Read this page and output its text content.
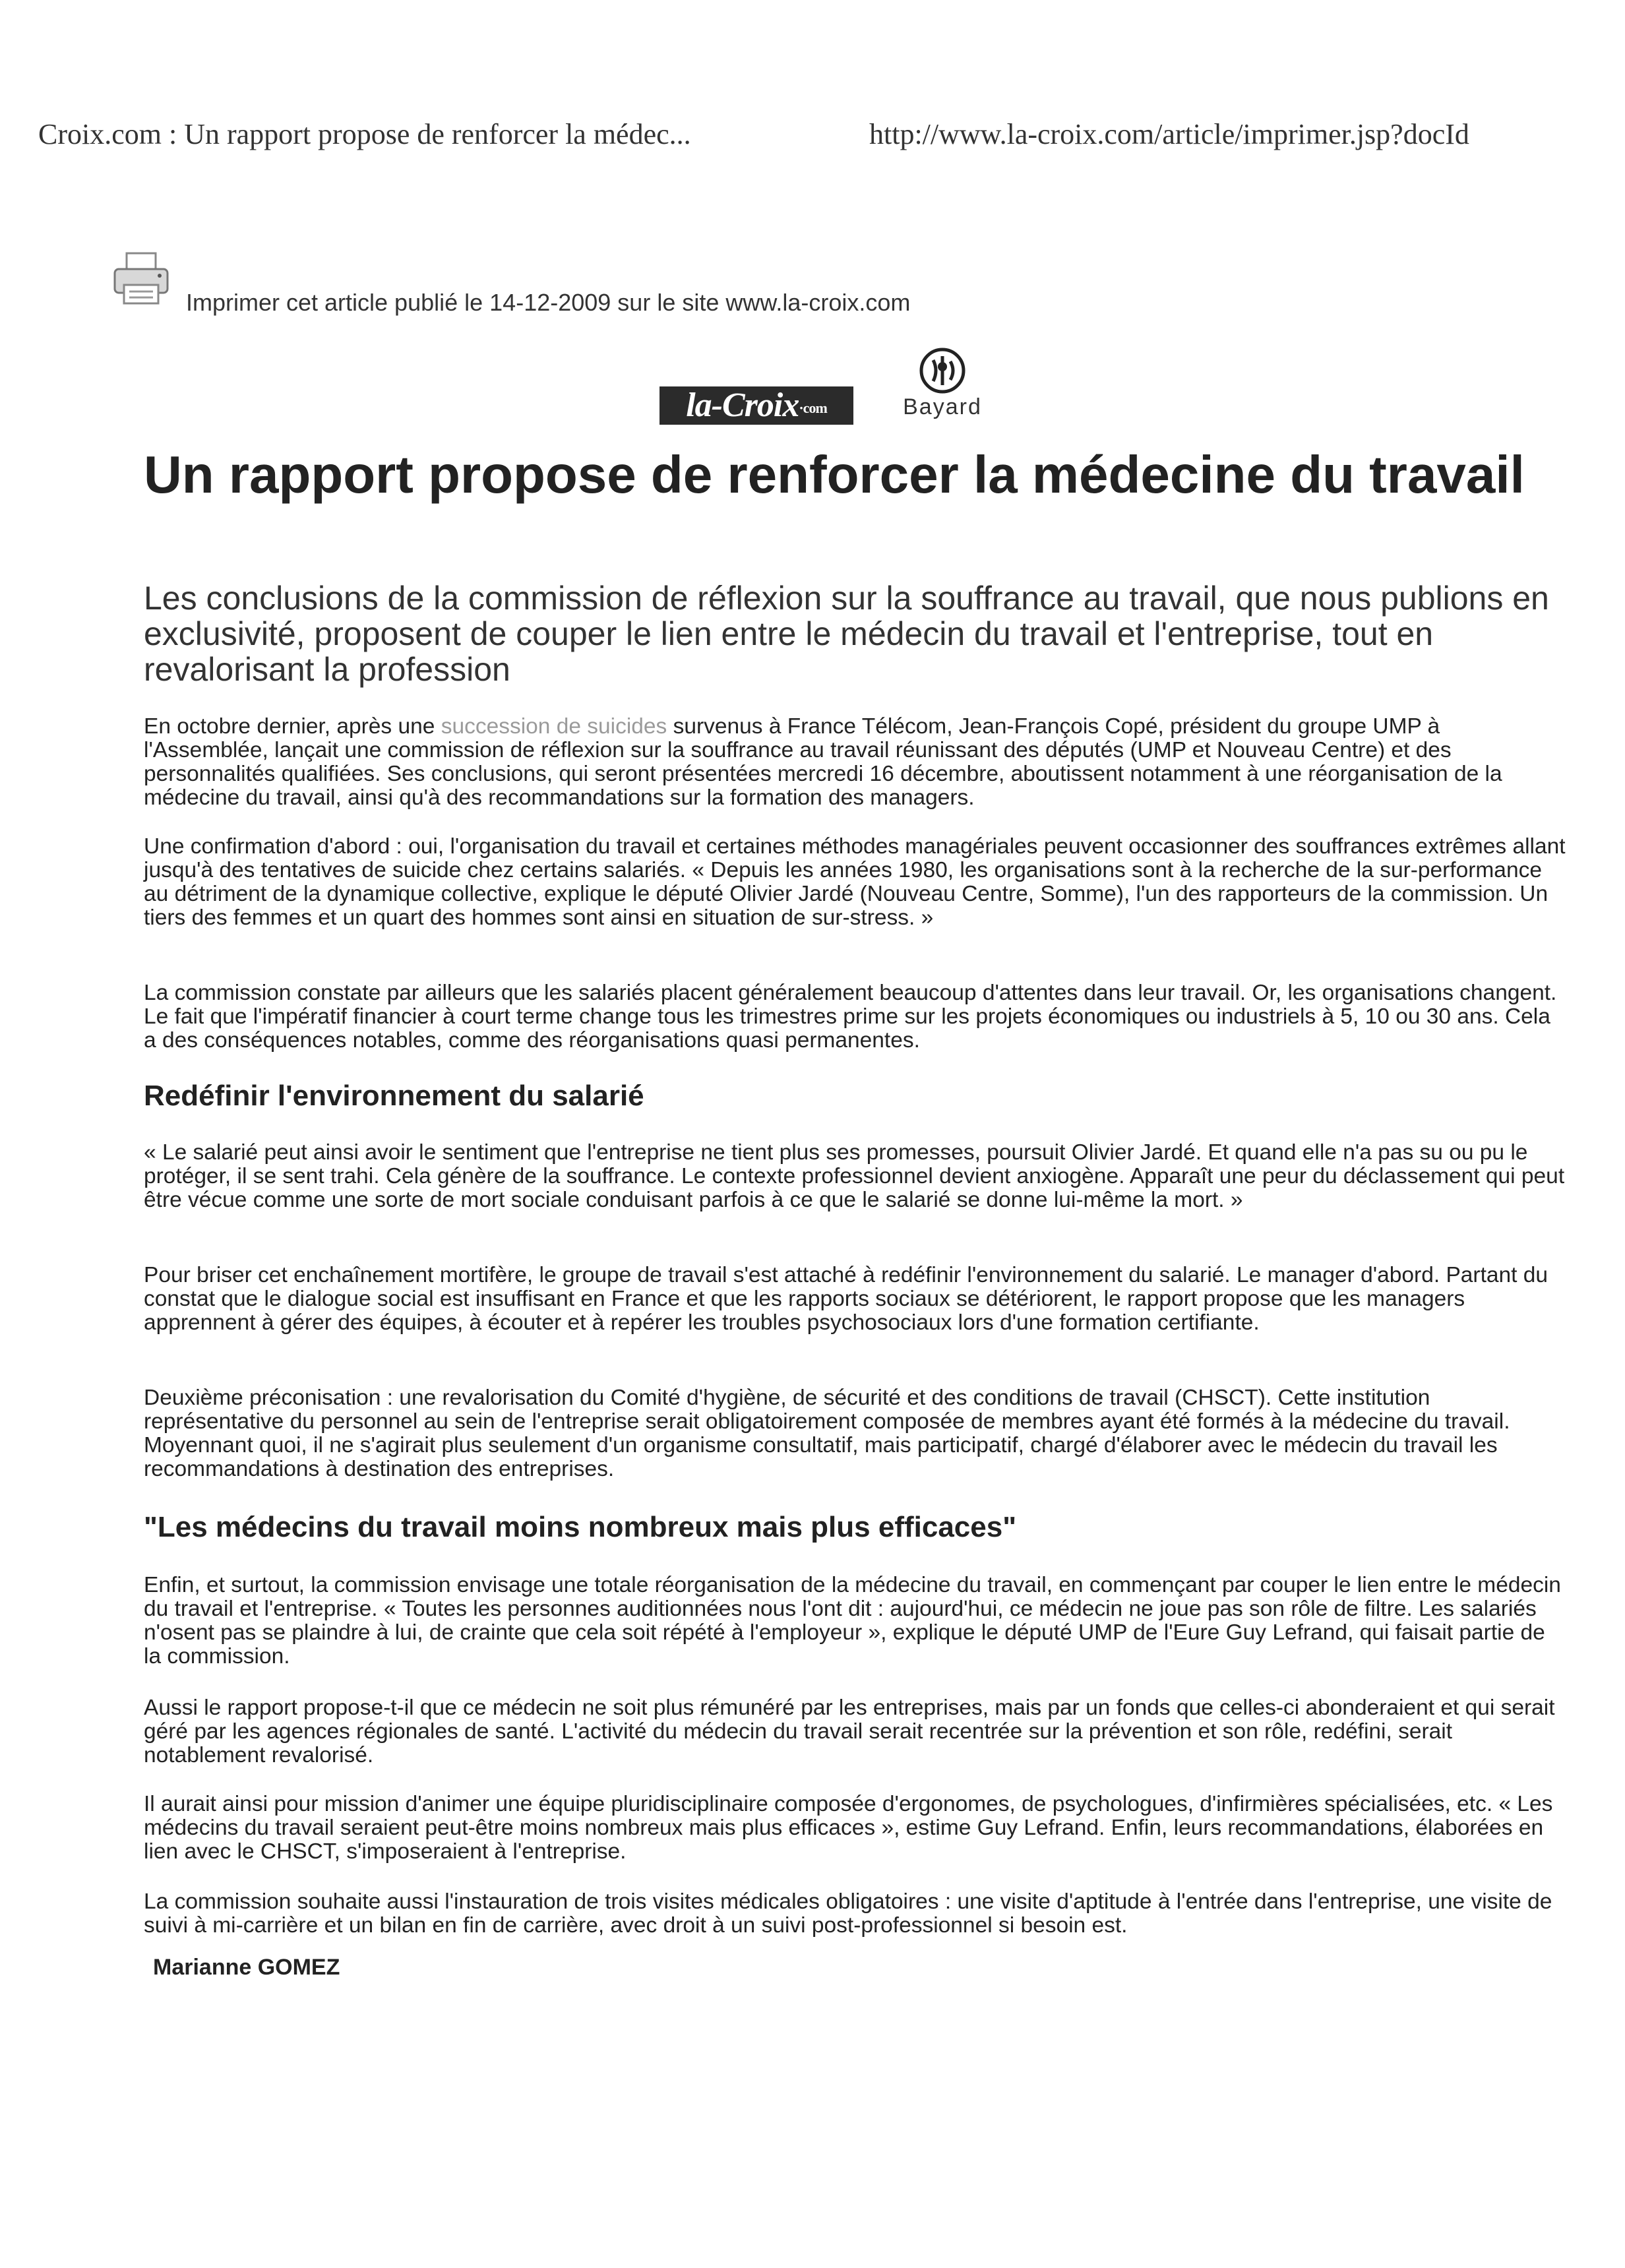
Croix.com : Un rapport propose de renforcer la médec...	http://www.la-croix.com/article/imprimer.jsp?docId
Imprimer cet article publié le 14-12-2009 sur le site www.la-croix.com
la-Croix·com	Bayard
Un rapport propose de renforcer la médecine du travail

Les conclusions de la commission de réflexion sur la souffrance au travail, que nous publions en exclusivité, proposent de couper le lien entre le médecin du travail et l'entreprise, tout en revalorisant la profession

En octobre dernier, après une succession de suicides survenus à France Télécom, Jean-François Copé, président du groupe UMP à l'Assemblée, lançait une commission de réflexion sur la souffrance au travail réunissant des députés (UMP et Nouveau Centre) et des personnalités qualifiées. Ses conclusions, qui seront présentées mercredi 16 décembre, aboutissent notamment à une réorganisation de la médecine du travail, ainsi qu'à des recommandations sur la formation des managers.

Une confirmation d'abord : oui, l'organisation du travail et certaines méthodes managériales peuvent occasionner des souffrances extrêmes allant jusqu'à des tentatives de suicide chez certains salariés. « Depuis les années 1980, les organisations sont à la recherche de la sur-performance au détriment de la dynamique collective, explique le député Olivier Jardé (Nouveau Centre, Somme), l'un des rapporteurs de la commission. Un tiers des femmes et un quart des hommes sont ainsi en situation de sur-stress. »

La commission constate par ailleurs que les salariés placent généralement beaucoup d'attentes dans leur travail. Or, les organisations changent. Le fait que l'impératif financier à court terme change tous les trimestres prime sur les projets économiques ou industriels à 5, 10 ou 30 ans. Cela a des conséquences notables, comme des réorganisations quasi permanentes.

Redéfinir l'environnement du salarié

« Le salarié peut ainsi avoir le sentiment que l'entreprise ne tient plus ses promesses, poursuit Olivier Jardé. Et quand elle n'a pas su ou pu le protéger, il se sent trahi. Cela génère de la souffrance. Le contexte professionnel devient anxiogène. Apparaît une peur du déclassement qui peut être vécue comme une sorte de mort sociale conduisant parfois à ce que le salarié se donne lui-même la mort. »

Pour briser cet enchaînement mortifère, le groupe de travail s'est attaché à redéfinir l'environnement du salarié. Le manager d'abord. Partant du constat que le dialogue social est insuffisant en France et que les rapports sociaux se détériorent, le rapport propose que les managers apprennent à gérer des équipes, à écouter et à repérer les troubles psychosociaux lors d'une formation certifiante.

Deuxième préconisation : une revalorisation du Comité d'hygiène, de sécurité et des conditions de travail (CHSCT). Cette institution représentative du personnel au sein de l'entreprise serait obligatoirement composée de membres ayant été formés à la médecine du travail. Moyennant quoi, il ne s'agirait plus seulement d'un organisme consultatif, mais participatif, chargé d'élaborer avec le médecin du travail les recommandations à destination des entreprises.

"Les médecins du travail moins nombreux mais plus efficaces"

Enfin, et surtout, la commission envisage une totale réorganisation de la médecine du travail, en commençant par couper le lien entre le médecin du travail et l'entreprise. « Toutes les personnes auditionnées nous l'ont dit : aujourd'hui, ce médecin ne joue pas son rôle de filtre. Les salariés n'osent pas se plaindre à lui, de crainte que cela soit répété à l'employeur », explique le député UMP de l'Eure Guy Lefrand, qui faisait partie de la commission.

Aussi le rapport propose-t-il que ce médecin ne soit plus rémunéré par les entreprises, mais par un fonds que celles-ci abonderaient et qui serait géré par les agences régionales de santé. L'activité du médecin du travail serait recentrée sur la prévention et son rôle, redéfini, serait notablement revalorisé.

Il aurait ainsi pour mission d'animer une équipe pluridisciplinaire composée d'ergonomes, de psychologues, d'infirmières spécialisées, etc. « Les médecins du travail seraient peut-être moins nombreux mais plus efficaces », estime Guy Lefrand. Enfin, leurs recommandations, élaborées en lien avec le CHSCT, s'imposeraient à l'entreprise.

La commission souhaite aussi l'instauration de trois visites médicales obligatoires : une visite d'aptitude à l'entrée dans l'entreprise, une visite de suivi à mi-carrière et un bilan en fin de carrière, avec droit à un suivi post-professionnel si besoin est.

Marianne GOMEZ
